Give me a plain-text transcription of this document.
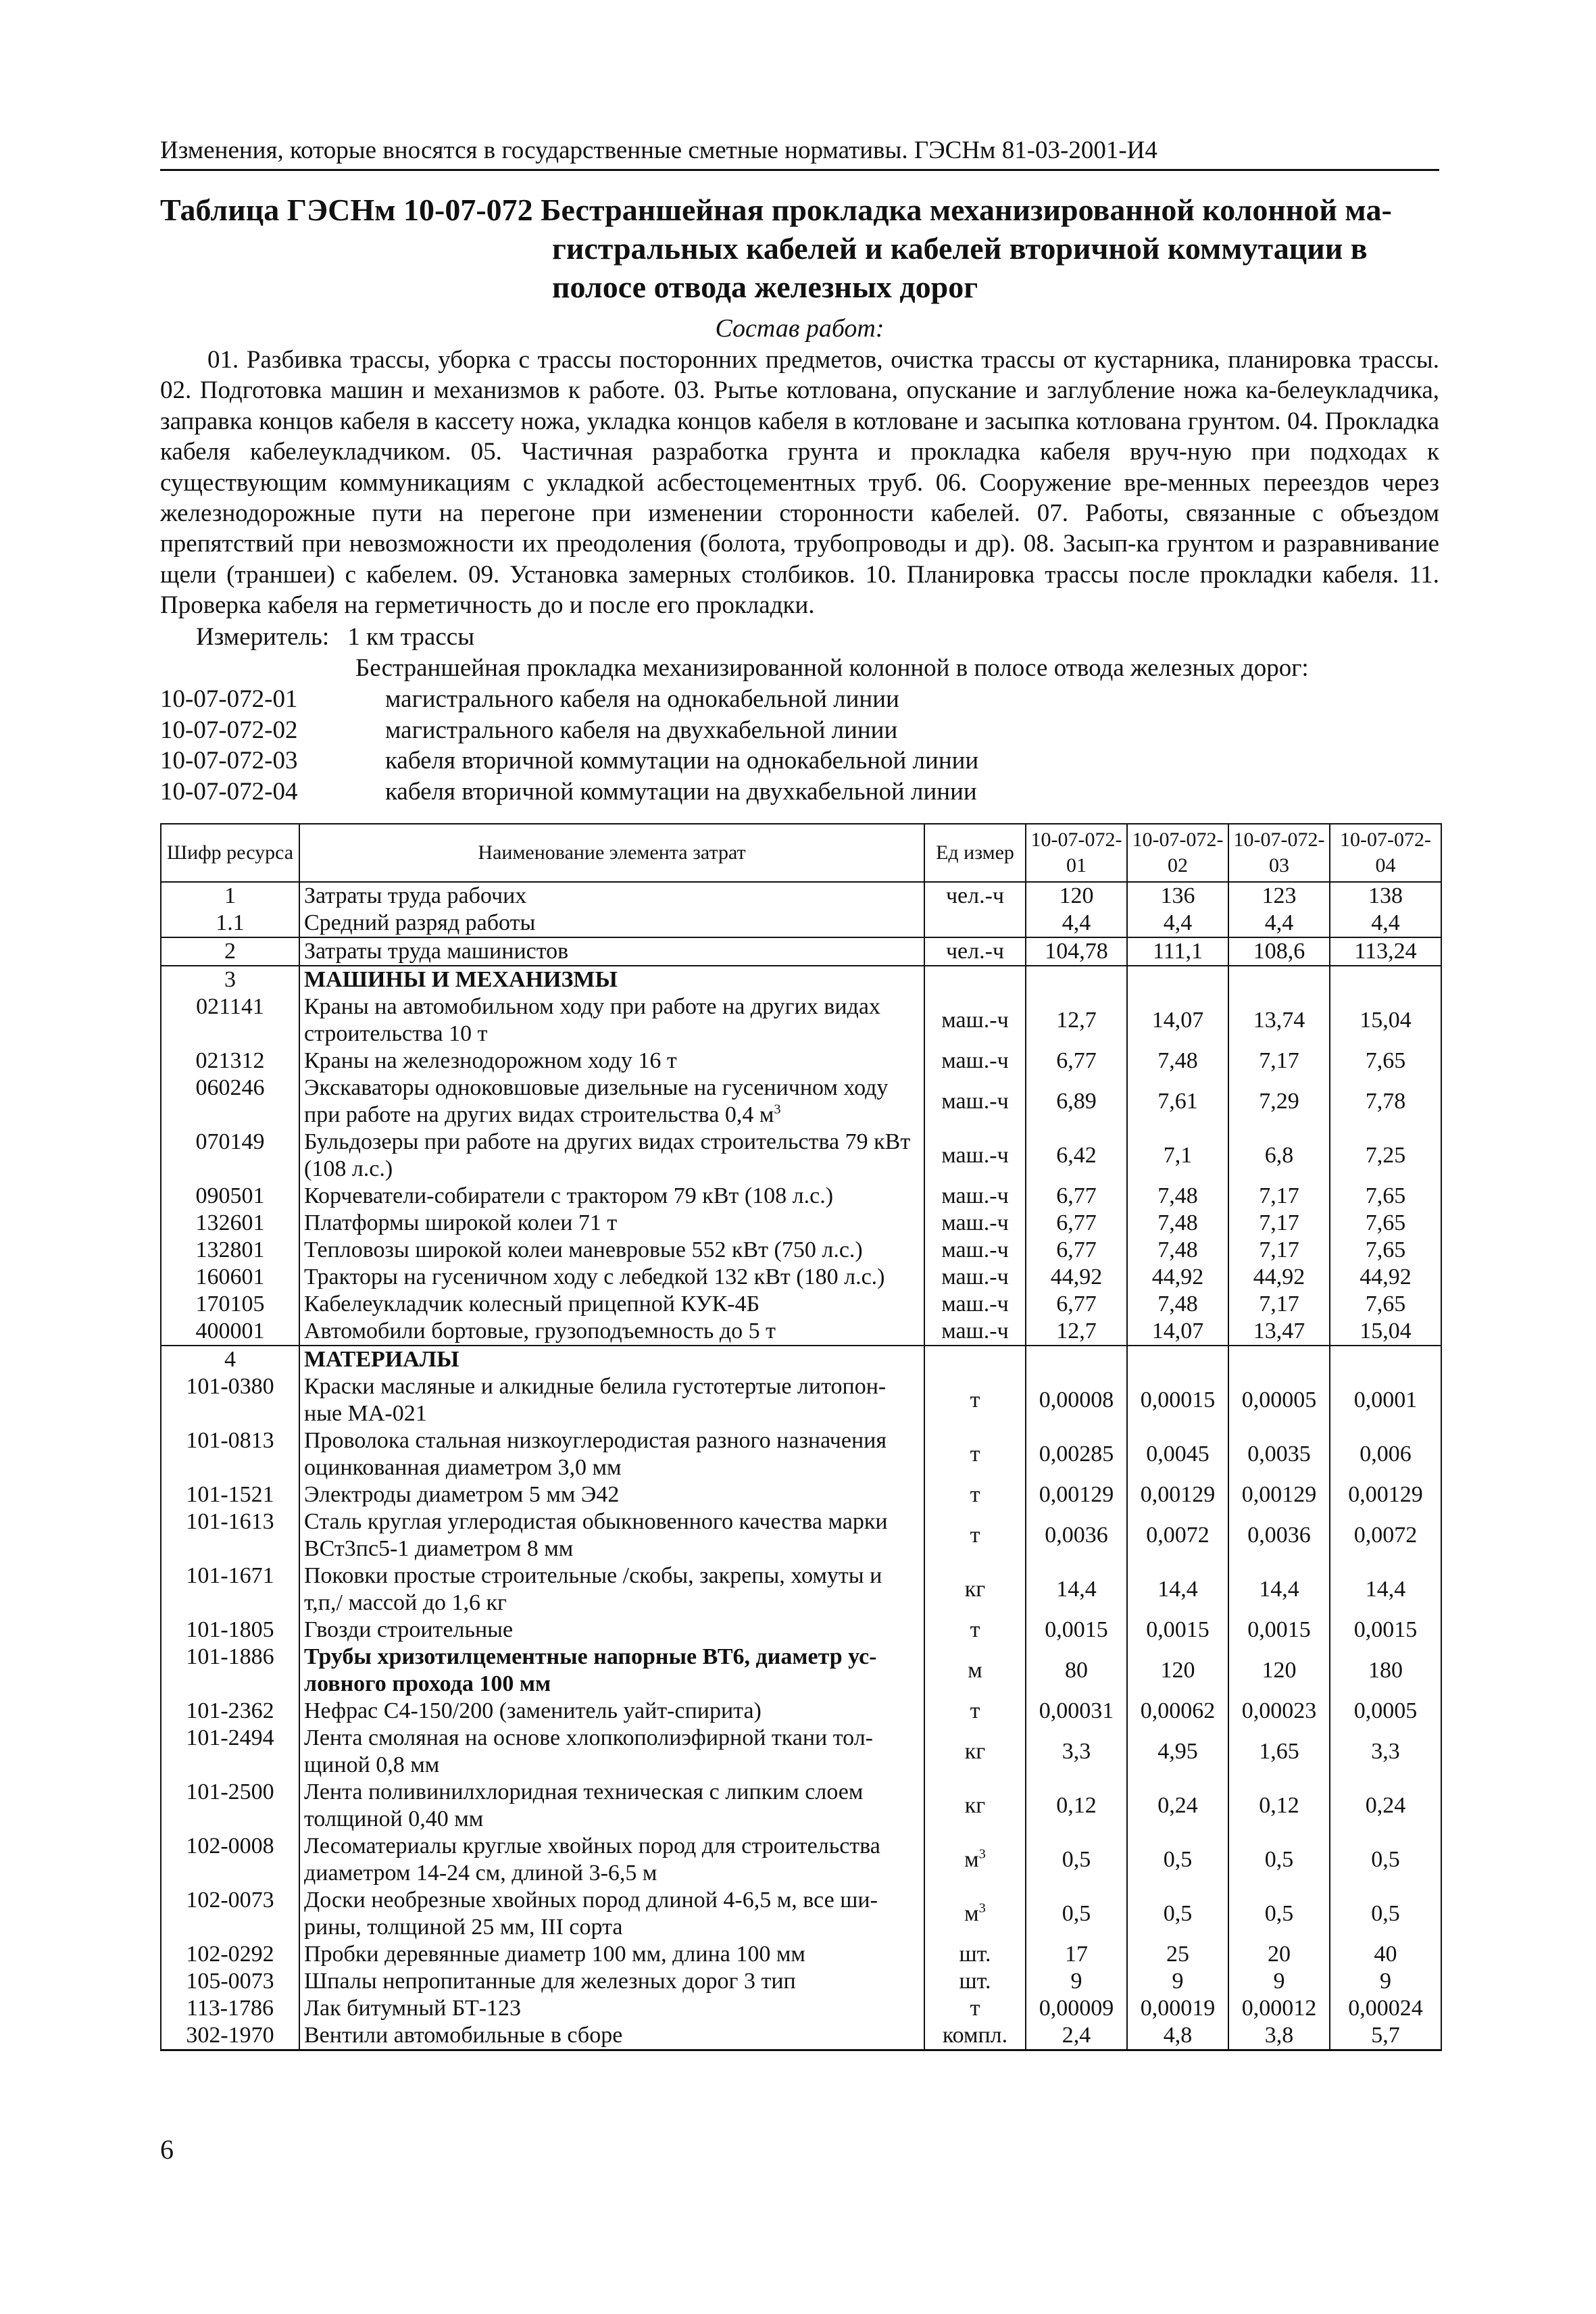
Изменения, которые вносятся в государственные сметные нормативы. ГЭСНм 81-03-2001-И4
Таблица ГЭСНм 10-07-072 Бестраншейная прокладка механизированной колонной ма-
гистральных кабелей и кабелей вторичной коммутации в
полосе отвода железных дорог
Состав работ:
01. Разбивка трассы, уборка с трассы посторонних предметов, очистка трассы от кустарника, планировка трассы. 02. Подготовка машин и механизмов к работе. 03. Рытье котлована, опускание и заглубление ножа ка-белеукладчика, заправка концов кабеля в кассету ножа, укладка концов кабеля в котловане и засыпка котлована грунтом. 04. Прокладка кабеля кабелеукладчиком. 05. Частичная разработка грунта и прокладка кабеля вруч-ную при подходах к существующим коммуникациям с укладкой асбестоцементных труб. 06. Сооружение вре-менных переездов через железнодорожные пути на перегоне при изменении сторонности кабелей. 07. Работы, связанные с объездом препятствий при невозможности их преодоления (болота, трубопроводы и др). 08. Засып-ка грунтом и разравнивание щели (траншеи) с кабелем. 09. Установка замерных столбиков. 10. Планировка трассы после прокладки кабеля. 11. Проверка кабеля на герметичность до и после его прокладки.
Измеритель: 1 км трассы
Бестраншейная прокладка механизированной колонной в полосе отвода железных дорог:
10-07-072-01	магистрального кабеля на однокабельной линии
10-07-072-02	магистрального кабеля на двухкабельной линии
10-07-072-03	кабеля вторичной коммутации на однокабельной линии
10-07-072-04	кабеля вторичной коммутации на двухкабельной линии
Шифр ресурса	Наименование элемента затрат	Ед измер	10-07-072-01	10-07-072-02	10-07-072-03	10-07-072-04
1	Затраты труда рабочих	чел.-ч	120	136	123	138
1.1	Средний разряд работы		4,4	4,4	4,4	4,4
2	Затраты труда машинистов	чел.-ч	104,78	111,1	108,6	113,24
3	МАШИНЫ И МЕХАНИЗМЫ					
021141	Краны на автомобильном ходу при работе на других видах строительства 10 т	маш.-ч	12,7	14,07	13,74	15,04
021312	Краны на железнодорожном ходу 16 т	маш.-ч	6,77	7,48	7,17	7,65
060246	Экскаваторы одноковшовые дизельные на гусеничном ходу при работе на других видах строительства 0,4 $м^3$	маш.-ч	6,89	7,61	7,29	7,78
070149	Бульдозеры при работе на других видах строительства 79 кВт (108 л.с.)	маш.-ч	6,42	7,1	6,8	7,25
090501	Корчеватели-собиратели с трактором 79 кВт (108 л.с.)	маш.-ч	6,77	7,48	7,17	7,65
132601	Платформы широкой колеи 71 т	маш.-ч	6,77	7,48	7,17	7,65
132801	Тепловозы широкой колеи маневровые 552 кВт (750 л.с.)	маш.-ч	6,77	7,48	7,17	7,65
160601	Тракторы на гусеничном ходу с лебедкой 132 кВт (180 л.с.)	маш.-ч	44,92	44,92	44,92	44,92
170105	Кабелеукладчик колесный прицепной КУК-4Б	маш.-ч	6,77	7,48	7,17	7,65
400001	Автомобили бортовые, грузоподъемность до 5 т	маш.-ч	12,7	14,07	13,47	15,04
4	МАТЕРИАЛЫ					
101-0380	Краски масляные и алкидные белила густотертые литопон-ные МА-021	т	0,00008	0,00015	0,00005	0,0001
101-0813	Проволока стальная низкоуглеродистая разного назначения оцинкованная диаметром 3,0 мм	т	0,00285	0,0045	0,0035	0,006
101-1521	Электроды диаметром 5 мм Э42	т	0,00129	0,00129	0,00129	0,00129
101-1613	Сталь круглая углеродистая обыкновенного качества марки ВСт3пс5-1 диаметром 8 мм	т	0,0036	0,0072	0,0036	0,0072
101-1671	Поковки простые строительные /скобы, закрепы, хомуты и т,п,/ массой до 1,6 кг	кг	14,4	14,4	14,4	14,4
101-1805	Гвозди строительные	т	0,0015	0,0015	0,0015	0,0015
101-1886	Трубы хризотилцементные напорные ВТ6, диаметр ус-ловного прохода 100 мм	м	80	120	120	180
101-2362	Нефрас С4-150/200 (заменитель уайт-спирита)	т	0,00031	0,00062	0,00023	0,0005
101-2494	Лента смоляная на основе хлопкополиэфирной ткани тол-щиной 0,8 мм	кг	3,3	4,95	1,65	3,3
101-2500	Лента поливинилхлоридная техническая с липким слоем толщиной 0,40 мм	кг	0,12	0,24	0,12	0,24
102-0008	Лесоматериалы круглые хвойных пород для строительства диаметром 14-24 см, длиной 3-6,5 м	$м^3$	0,5	0,5	0,5	0,5
102-0073	Доски необрезные хвойных пород длиной 4-6,5 м, все ши-рины, толщиной 25 мм, III сорта	$м^3$	0,5	0,5	0,5	0,5
102-0292	Пробки деревянные диаметр 100 мм, длина 100 мм	шт.	17	25	20	40
105-0073	Шпалы непропитанные для железных дорог 3 тип	шт.	9	9	9	9
113-1786	Лак битумный БТ-123	т	0,00009	0,00019	0,00012	0,00024
302-1970	Вентили автомобильные в сборе	компл.	2,4	4,8	3,8	5,7
6
